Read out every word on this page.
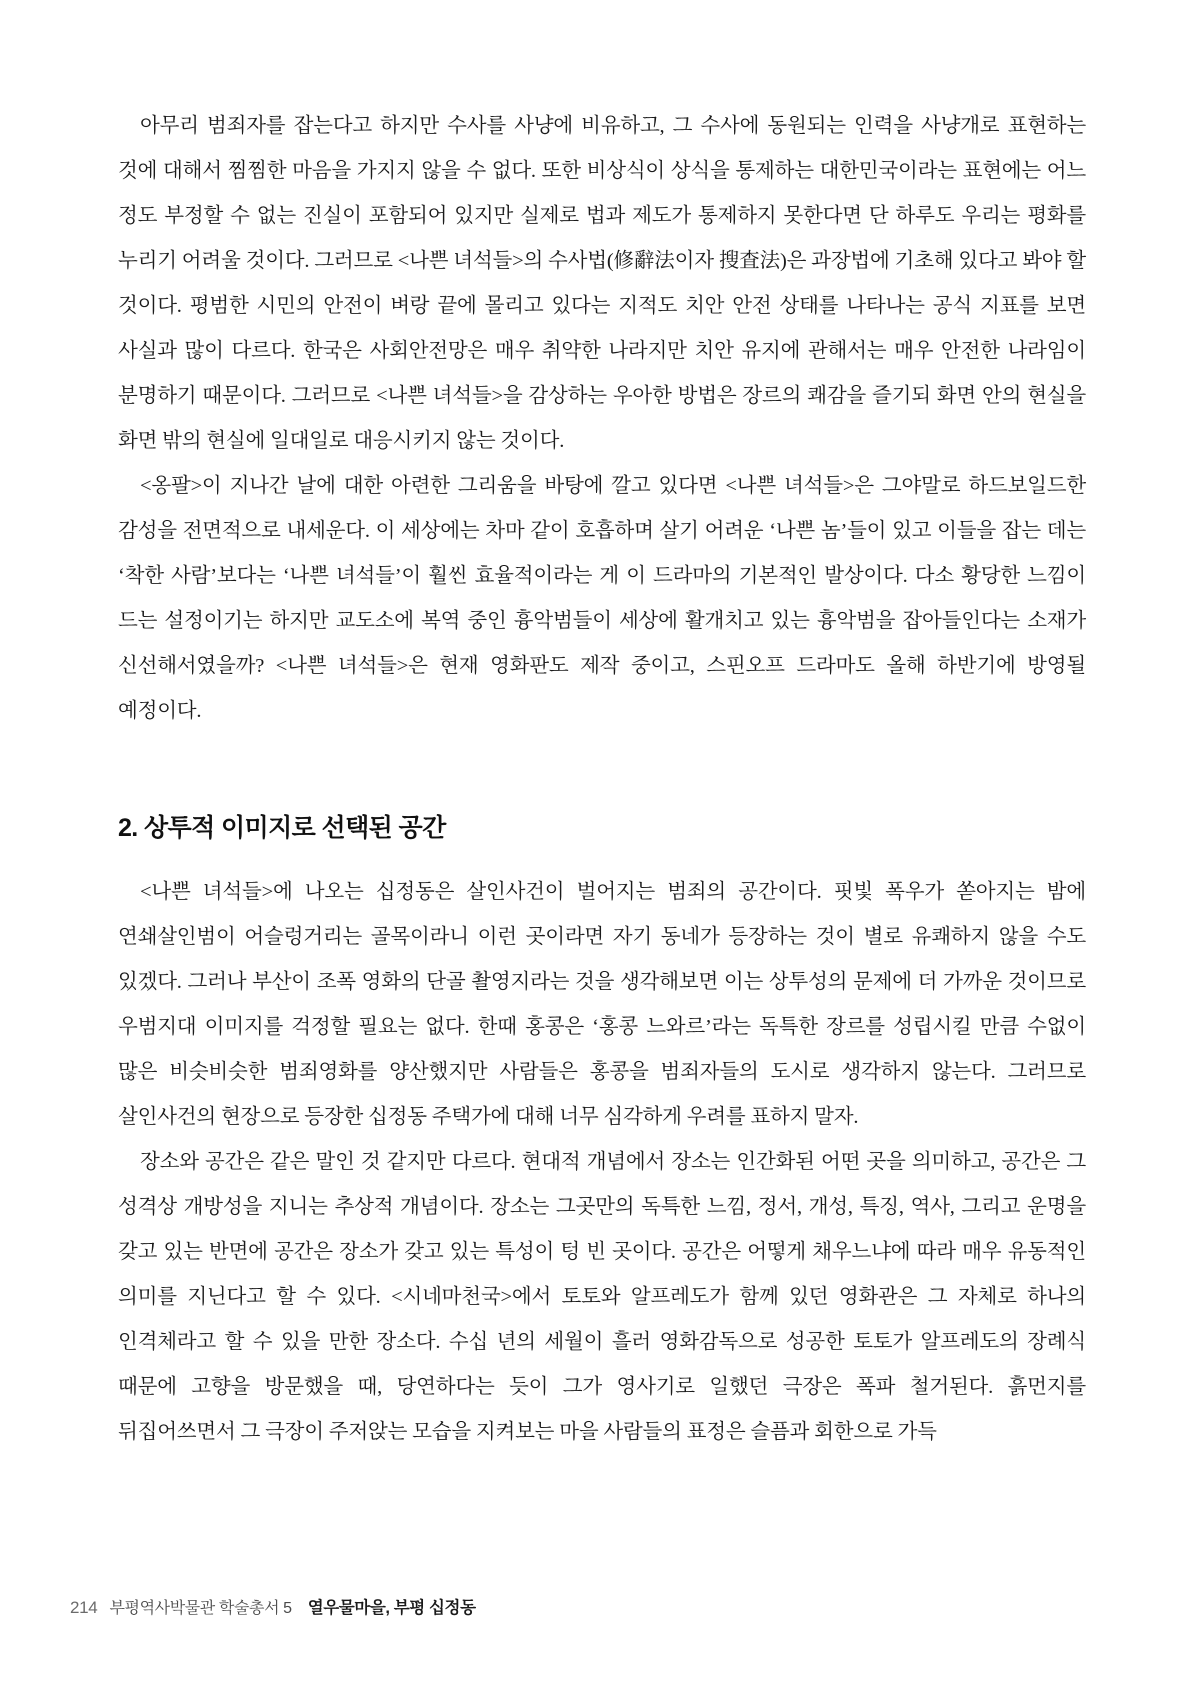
아무리 범죄자를 잡는다고 하지만 수사를 사냥에 비유하고, 그 수사에 동원되는 인력을 사냥개로 표현하는 것에 대해서 찜찜한 마음을 가지지 않을 수 없다. 또한 비상식이 상식을 통제하는 대한민국이라는 표현에는 어느 정도 부정할 수 없는 진실이 포함되어 있지만 실제로 법과 제도가 통제하지 못한다면 단 하루도 우리는 평화를 누리기 어려울 것이다. 그러므로 <나쁜 녀석들>의 수사법(修辭法이자 搜査法)은 과장법에 기초해 있다고 봐야 할 것이다. 평범한 시민의 안전이 벼랑 끝에 몰리고 있다는 지적도 치안 안전 상태를 나타나는 공식 지표를 보면 사실과 많이 다르다. 한국은 사회안전망은 매우 취약한 나라지만 치안 유지에 관해서는 매우 안전한 나라임이 분명하기 때문이다. 그러므로 <나쁜 녀석들>을 감상하는 우아한 방법은 장르의 쾌감을 즐기되 화면 안의 현실을 화면 밖의 현실에 일대일로 대응시키지 않는 것이다.

<옹팔>이 지나간 날에 대한 아련한 그리움을 바탕에 깔고 있다면 <나쁜 녀석들>은 그야말로 하드보일드한 감성을 전면적으로 내세운다. 이 세상에는 차마 같이 호흡하며 살기 어려운 ‘나쁜 놈’들이 있고 이들을 잡는 데는 ‘착한 사람’보다는 ‘나쁜 녀석들’이 훨씬 효율적이라는 게 이 드라마의 기본적인 발상이다. 다소 황당한 느낌이 드는 설정이기는 하지만 교도소에 복역 중인 흉악범들이 세상에 활개치고 있는 흉악범을 잡아들인다는 소재가 신선해서였을까? <나쁜 녀석들>은 현재 영화판도 제작 중이고, 스핀오프 드라마도 올해 하반기에 방영될 예정이다.

2. 상투적 이미지로 선택된 공간

<나쁜 녀석들>에 나오는 십정동은 살인사건이 벌어지는 범죄의 공간이다. 핏빛 폭우가 쏟아지는 밤에 연쇄살인범이 어슬렁거리는 골목이라니 이런 곳이라면 자기 동네가 등장하는 것이 별로 유쾌하지 않을 수도 있겠다. 그러나 부산이 조폭 영화의 단골 촬영지라는 것을 생각해보면 이는 상투성의 문제에 더 가까운 것이므로 우범지대 이미지를 걱정할 필요는 없다. 한때 홍콩은 ‘홍콩 느와르’라는 독특한 장르를 성립시킬 만큼 수없이 많은 비슷비슷한 범죄영화를 양산했지만 사람들은 홍콩을 범죄자들의 도시로 생각하지 않는다. 그러므로 살인사건의 현장으로 등장한 십정동 주택가에 대해 너무 심각하게 우려를 표하지 말자.

장소와 공간은 같은 말인 것 같지만 다르다. 현대적 개념에서 장소는 인간화된 어떤 곳을 의미하고, 공간은 그 성격상 개방성을 지니는 추상적 개념이다. 장소는 그곳만의 독특한 느낌, 정서, 개성, 특징, 역사, 그리고 운명을 갖고 있는 반면에 공간은 장소가 갖고 있는 특성이 텅 빈 곳이다. 공간은 어떻게 채우느냐에 따라 매우 유동적인 의미를 지닌다고 할 수 있다. <시네마천국>에서 토토와 알프레도가 함께 있던 영화관은 그 자체로 하나의 인격체라고 할 수 있을 만한 장소다. 수십 년의 세월이 흘러 영화감독으로 성공한 토토가 알프레도의 장례식 때문에 고향을 방문했을 때, 당연하다는 듯이 그가 영사기로 일했던 극장은 폭파 철거된다. 흙먼지를 뒤집어쓰면서 그 극장이 주저앉는 모습을 지켜보는 마을 사람들의 표정은 슬픔과 회한으로 가득

214 부평역사박물관 학술총서 5 열우물마을, 부평 십정동
